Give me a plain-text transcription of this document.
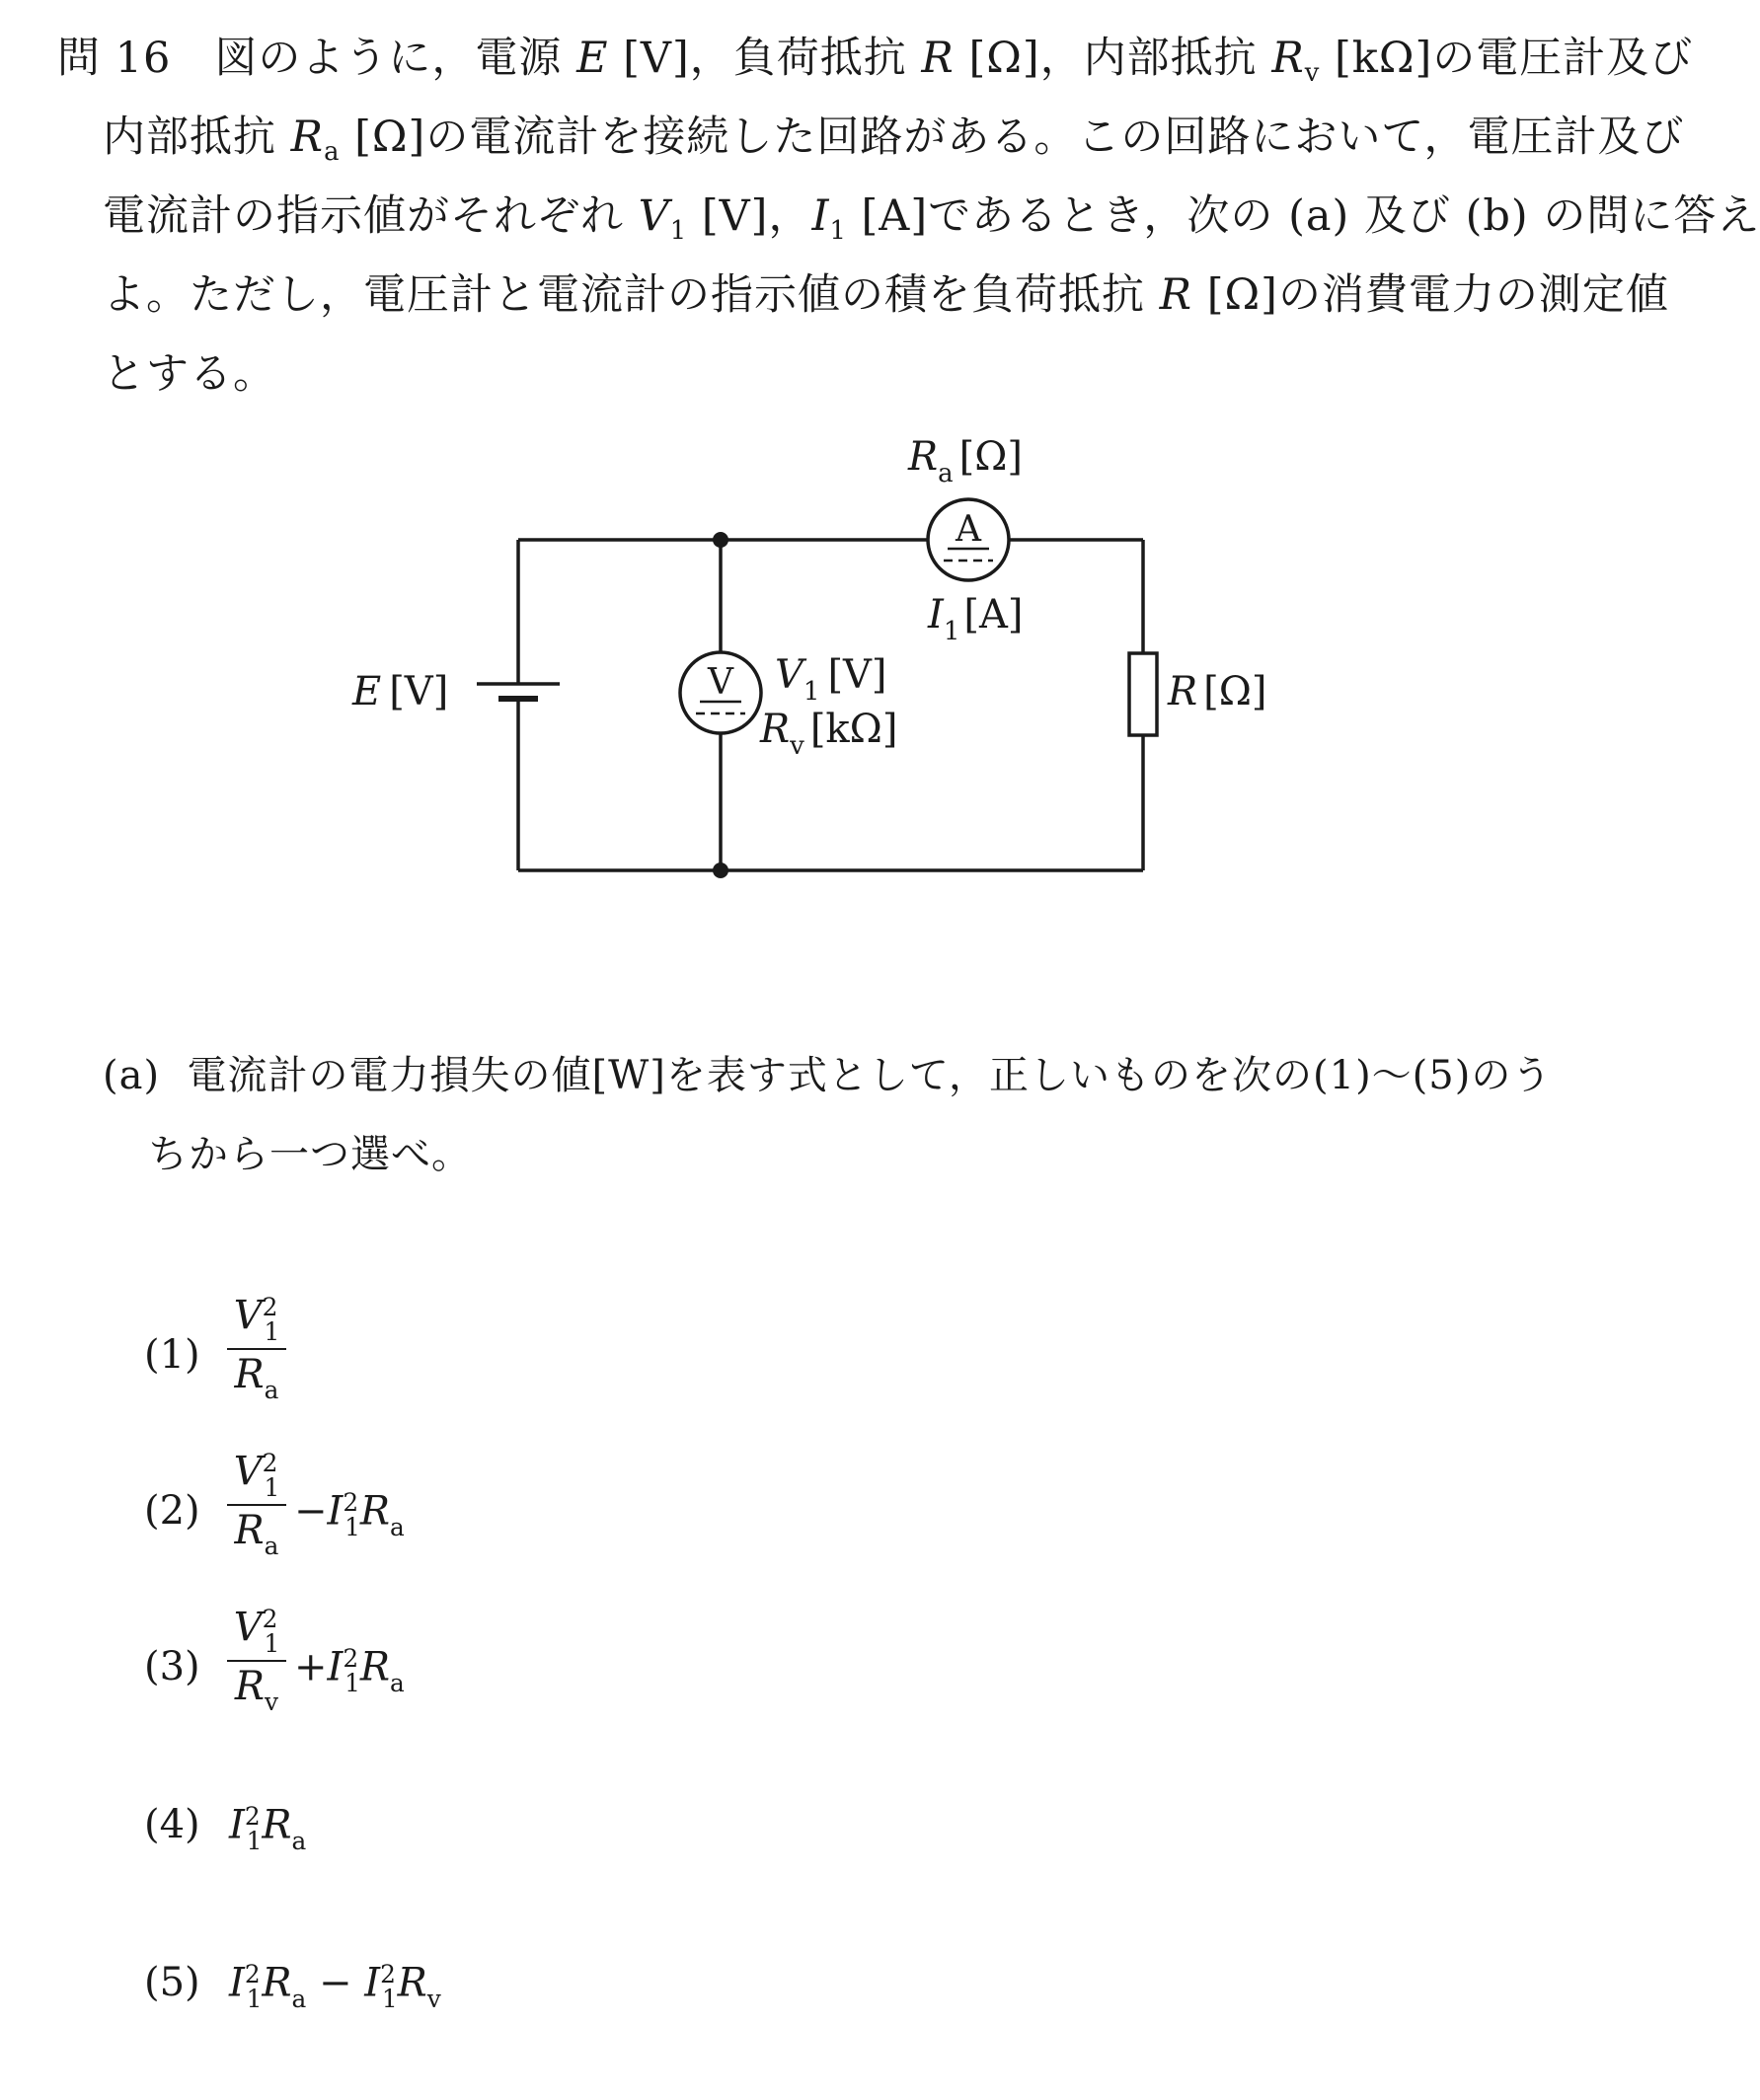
問 16 図のように，電源 E [V]，負荷抵抗 R [Ω]，内部抵抗 $R_v$ [kΩ]の電圧計及び
内部抵抗 $R_a$ [Ω]の電流計を接続した回路がある。この回路において，電圧計及び
電流計の指示値がそれぞれ $V_1$ [V]，$I_1$ [A]であるとき，次の (a) 及び (b) の問に答え
よ。ただし，電圧計と電流計の指示値の積を負荷抵抗 R [Ω]の消費電力の測定値
とする。
A
V
E [V]
$R_a$ [Ω]
$I_1$ [A]
$V_1$ [V]
$R_v$ [kΩ]
R [Ω]
(a) 電流計の電力損失の値[W]を表す式として，正しいものを次の(1)～(5)のう
ちから一つ選べ。
(1)
$V^2_1$
$R_a$
(2)
$V^2_1$
$R_a$
$-I^2_1R_a$
(3)
$V^2_1$
$R_v$
$+I^2_1R_a$
(4) $I^2_1R_a$
(5) $I^2_1R_a - I^2_1R_v$
